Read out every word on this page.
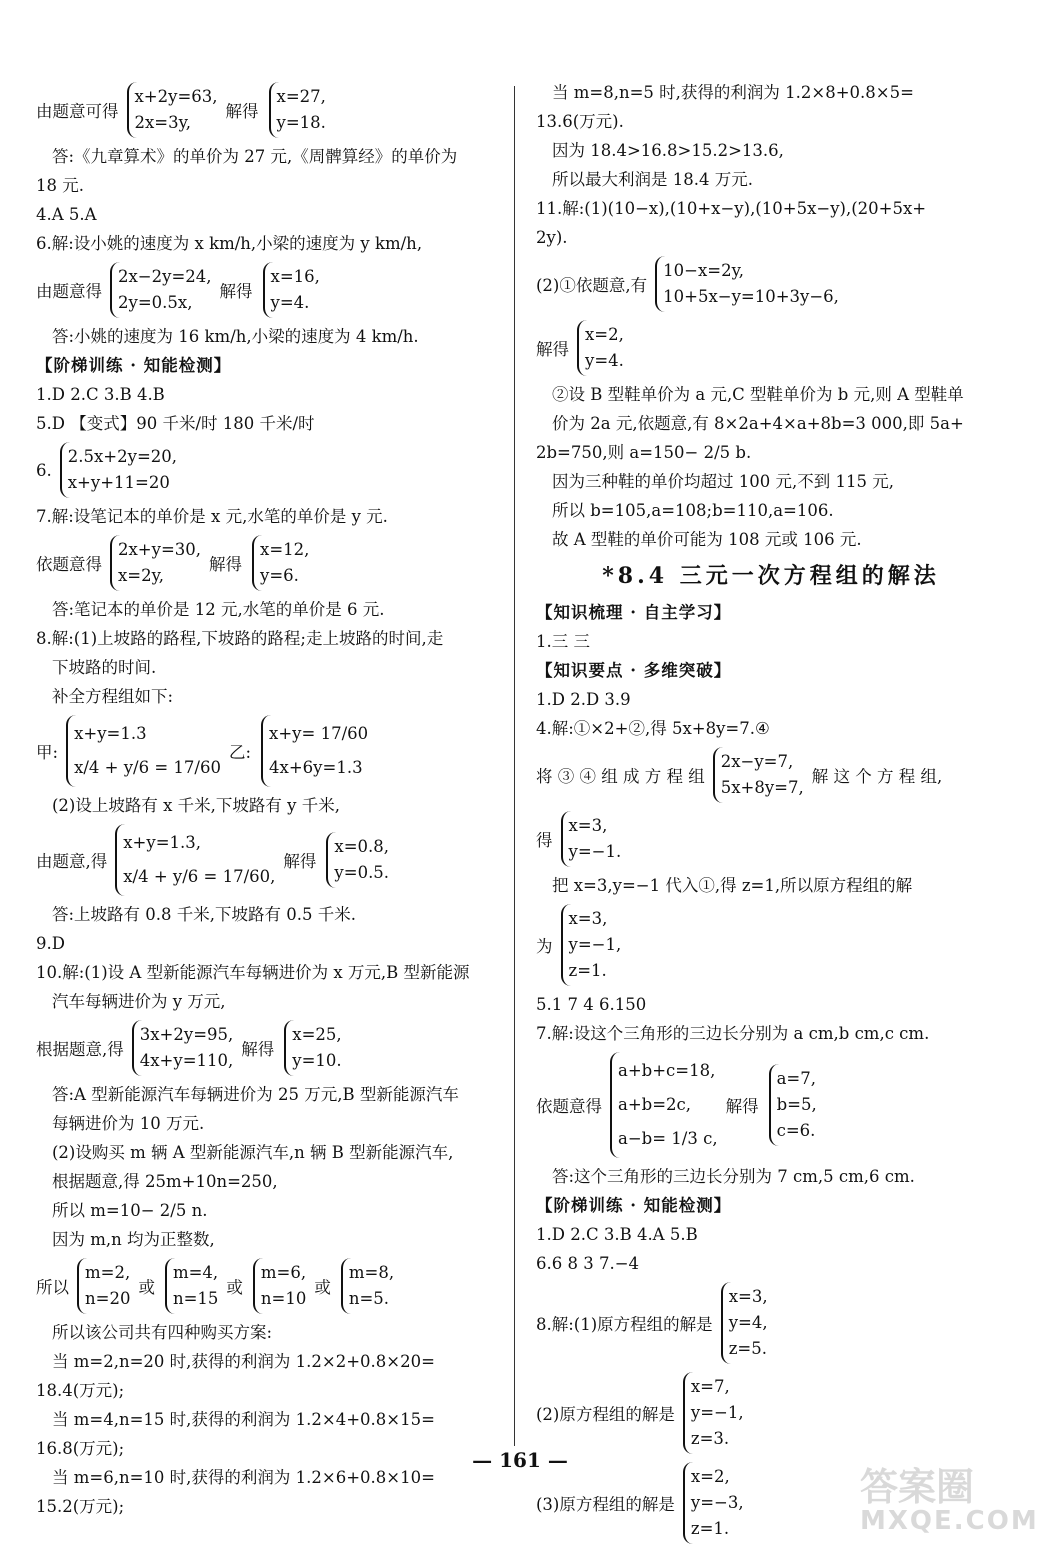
由题意可得
x+2y=63,
2x=3y,
解得
x=27,
y=18.
答:《九章算术》的单价为 27 元,《周髀算经》的单价为
18 元.
4.A 5.A
6.解:设小姚的速度为 x km/h,小梁的速度为 y km/h,
由题意得
2x−2y=24,
2y=0.5x,
解得
x=16,
y=4.
答:小姚的速度为 16 km/h,小梁的速度为 4 km/h.
【阶梯训练 · 知能检测】
1.D 2.C 3.B 4.B
5.D 【变式】90 千米/时 180 千米/时
6.
2.5x+2y=20,
x+y+11=20
7.解:设笔记本的单价是 x 元,水笔的单价是 y 元.
依题意得
2x+y=30,
x=2y,
解得
x=12,
y=6.
答:笔记本的单价是 12 元,水笔的单价是 6 元.
8.解:(1)上坡路的路程,下坡路的路程;走上坡路的时间,走
下坡路的时间.
补全方程组如下:
甲:
x+y=1.3
x/4 + y/6 = 17/60
乙:
x+y= 17/60
4x+6y=1.3
(2)设上坡路有 x 千米,下坡路有 y 千米,
由题意,得
x+y=1.3,
x/4 + y/6 = 17/60,
解得
x=0.8,
y=0.5.
答:上坡路有 0.8 千米,下坡路有 0.5 千米.
9.D
10.解:(1)设 A 型新能源汽车每辆进价为 x 万元,B 型新能源
汽车每辆进价为 y 万元,
根据题意,得
3x+2y=95,
4x+y=110,
解得
x=25,
y=10.
答:A 型新能源汽车每辆进价为 25 万元,B 型新能源汽车
每辆进价为 10 万元.
(2)设购买 m 辆 A 型新能源汽车,n 辆 B 型新能源汽车,
根据题意,得 25m+10n=250,
所以 m=10− 2/5 n.
因为 m,n 均为正整数,
所以
m=2,
n=20
或
m=4,
n=15
或
m=6,
n=10
或
m=8,
n=5.
所以该公司共有四种购买方案:
当 m=2,n=20 时,获得的利润为 1.2×2+0.8×20=
18.4(万元);
当 m=4,n=15 时,获得的利润为 1.2×4+0.8×15=
16.8(万元);
当 m=6,n=10 时,获得的利润为 1.2×6+0.8×10=
15.2(万元);
当 m=8,n=5 时,获得的利润为 1.2×8+0.8×5=
13.6(万元).
因为 18.4>16.8>15.2>13.6,
所以最大利润是 18.4 万元.
11.解:(1)(10−x),(10+x−y),(10+5x−y),(20+5x+
2y).
(2)①依题意,有
10−x=2y,
10+5x−y=10+3y−6,
解得
x=2,
y=4.
②设 B 型鞋单价为 a 元,C 型鞋单价为 b 元,则 A 型鞋单
价为 2a 元,依题意,有 8×2a+4×a+8b=3 000,即 5a+
2b=750,则 a=150− 2/5 b.
因为三种鞋的单价均超过 100 元,不到 115 元,
所以 b=105,a=108;b=110,a=106.
故 A 型鞋的单价可能为 108 元或 106 元.
*8.4 三元一次方程组的解法
【知识梳理 · 自主学习】
1.三 三
【知识要点 · 多维突破】
1.D 2.D 3.9
4.解:①×2+②,得 5x+8y=7.④
将 ③ ④ 组 成 方 程 组
2x−y=7,
5x+8y=7,
解 这 个 方 程 组,
得
x=3,
y=−1.
把 x=3,y=−1 代入①,得 z=1,所以原方程组的解
为
x=3,
y=−1,
z=1.
5.1 7 4 6.150
7.解:设这个三角形的三边长分别为 a cm,b cm,c cm.
依题意得
a+b+c=18,
a+b=2c,
a−b= 1/3 c,
解得
a=7,
b=5,
c=6.
答:这个三角形的三边长分别为 7 cm,5 cm,6 cm.
【阶梯训练 · 知能检测】
1.D 2.C 3.B 4.A 5.B
6.6 8 3 7.−4
8.解:(1)原方程组的解是
x=3,
y=4,
z=5.
(2)原方程组的解是
x=7,
y=−1,
z=3.
(3)原方程组的解是
x=2,
y=−3,
z=1.
— 161 —
答案圈
MXQE.COM
